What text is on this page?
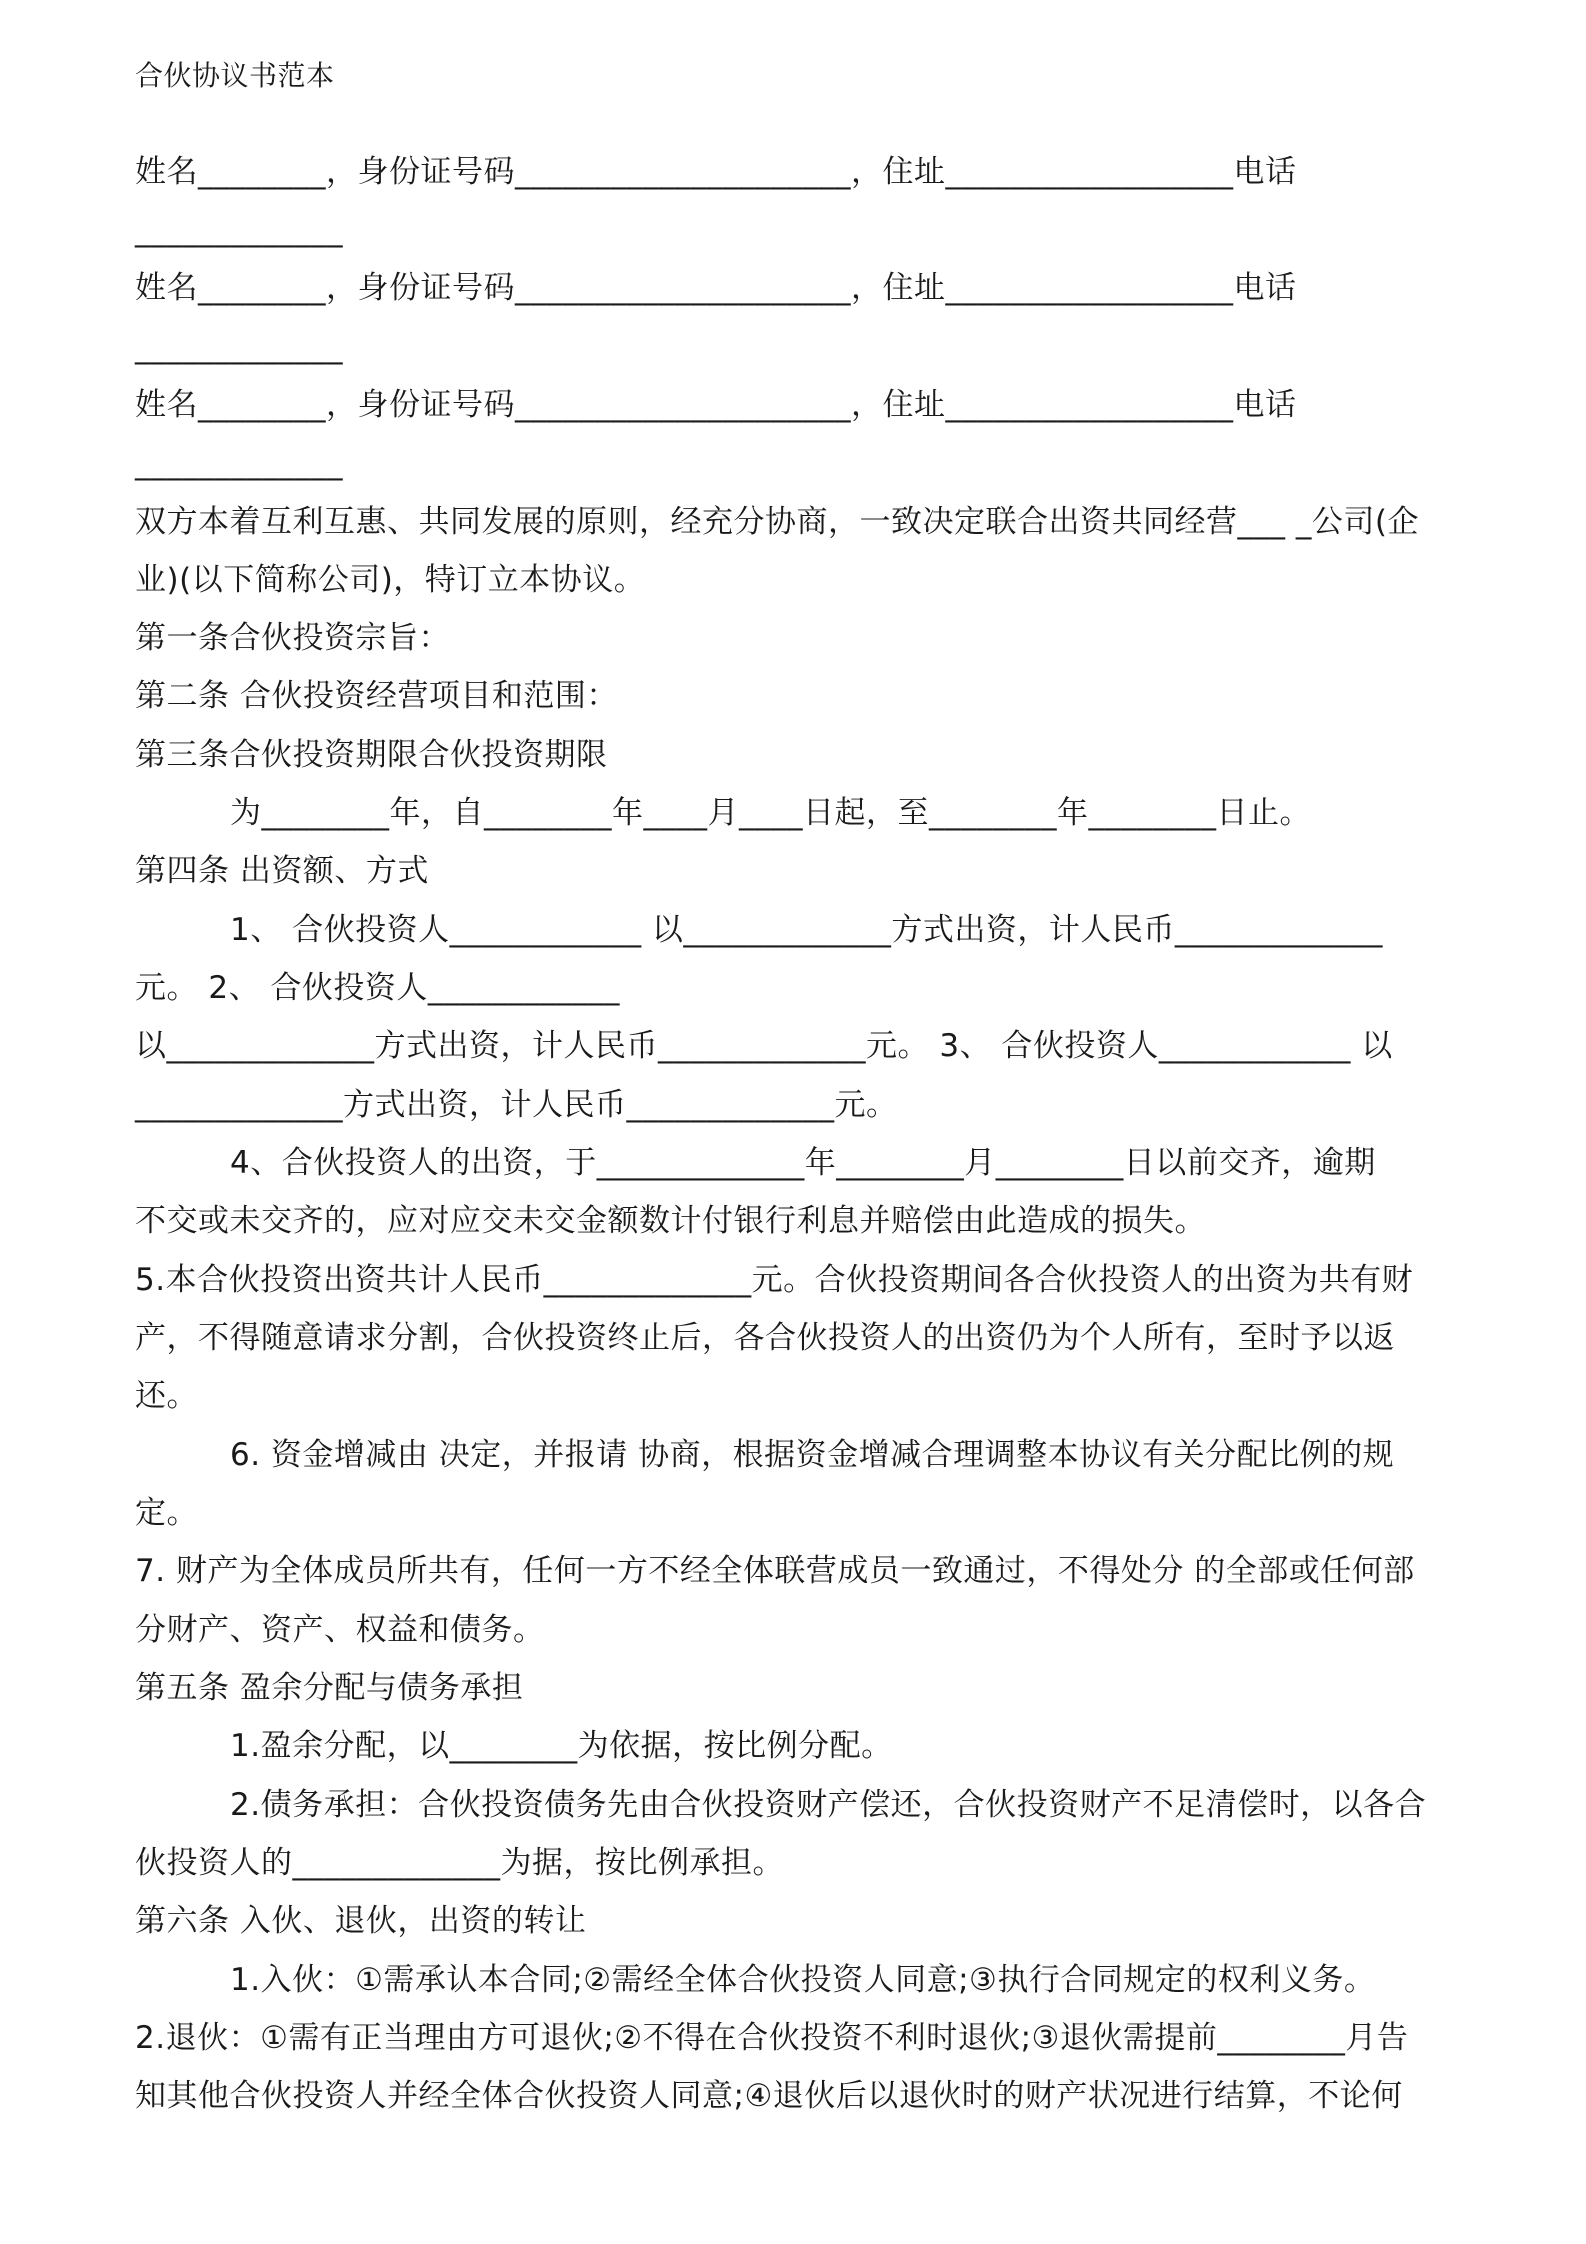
合伙协议书范本
姓名________，身份证号码_____________________，住址__________________电话
_____________
姓名________，身份证号码_____________________，住址__________________电话
_____________
姓名________，身份证号码_____________________，住址__________________电话
_____________
双方本着互利互惠、共同发展的原则，经充分协商，一致决定联合出资共同经营___ _公司(企
业)(以下简称公司)，特订立本协议。
第一条合伙投资宗旨：
第二条 合伙投资经营项目和范围：
第三条合伙投资期限合伙投资期限
为________年，自________年____月____日起，至________年________日止。
第四条 出资额、方式
1、 合伙投资人____________ 以_____________方式出资，计人民币_____________
元。 2、 合伙投资人____________
以_____________方式出资，计人民币_____________元。 3、 合伙投资人____________ 以
_____________方式出资，计人民币_____________元。
4、合伙投资人的出资，于_____________年________月________日以前交齐，逾期
不交或未交齐的，应对应交未交金额数计付银行利息并赔偿由此造成的损失。
5.本合伙投资出资共计人民币_____________元。合伙投资期间各合伙投资人的出资为共有财
产，不得随意请求分割，合伙投资终止后，各合伙投资人的出资仍为个人所有，至时予以返
还。
6. 资金增减由 决定，并报请 协商，根据资金增减合理调整本协议有关分配比例的规
定。
7. 财产为全体成员所共有，任何一方不经全体联营成员一致通过，不得处分 的全部或任何部
分财产、资产、权益和债务。
第五条 盈余分配与债务承担
1.盈余分配，以________为依据，按比例分配。
2.债务承担：合伙投资债务先由合伙投资财产偿还，合伙投资财产不足清偿时，以各合
伙投资人的_____________为据，按比例承担。
第六条 入伙、退伙，出资的转让
1.入伙：①需承认本合同;②需经全体合伙投资人同意;③执行合同规定的权利义务。
2.退伙：①需有正当理由方可退伙;②不得在合伙投资不利时退伙;③退伙需提前________月告
知其他合伙投资人并经全体合伙投资人同意;④退伙后以退伙时的财产状况进行结算，不论何
